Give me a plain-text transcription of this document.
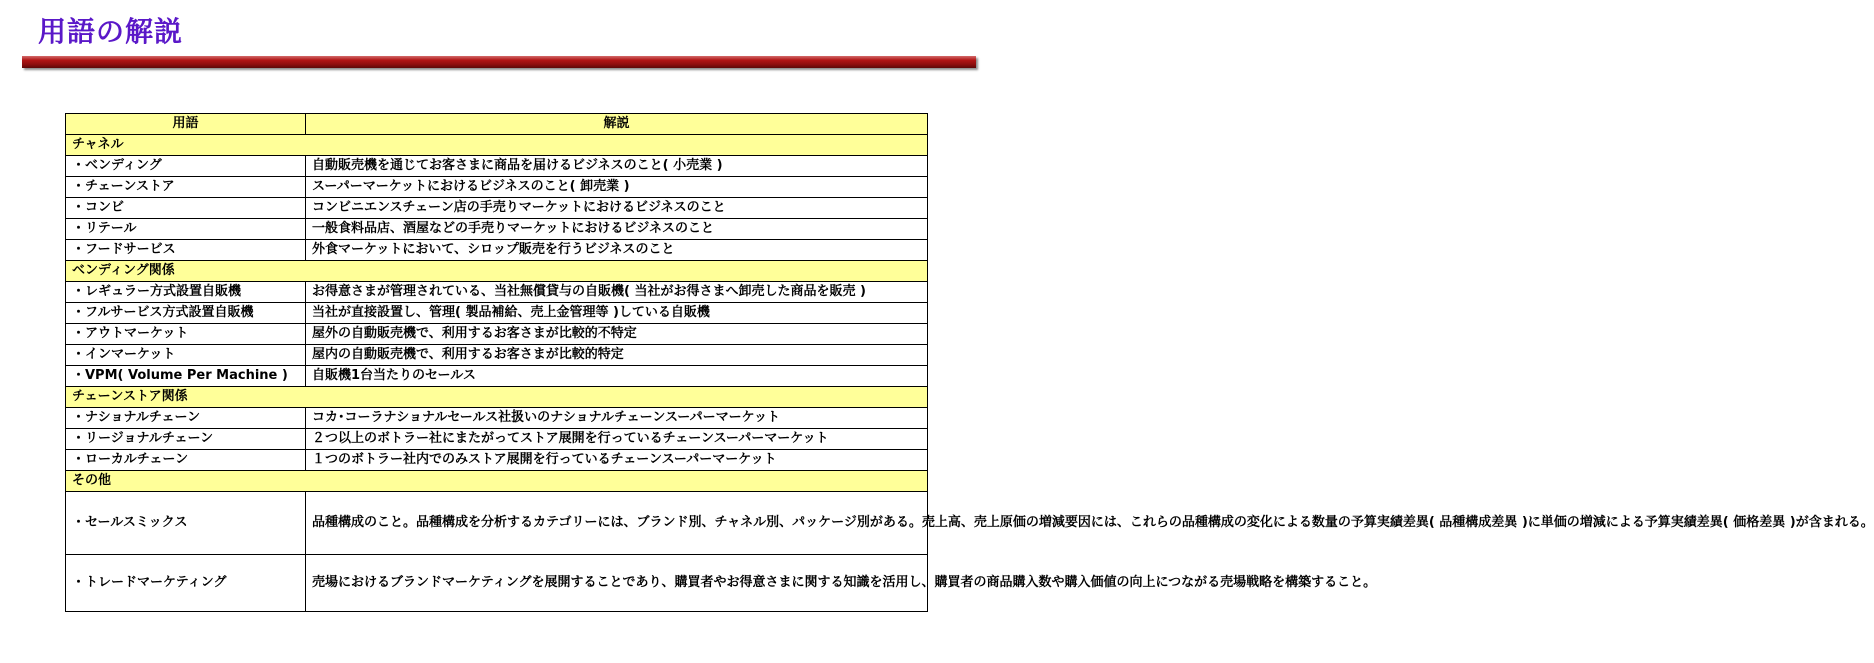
用語の解説
用語	解説
チャネル	
・ベンディング	自動販売機を通じてお客さまに商品を届けるビジネスのこと( 小売業 )
・チェーンストア	スーパーマーケットにおけるビジネスのこと( 卸売業 )
・コンビ	コンビニエンスチェーン店の手売りマーケットにおけるビジネスのこと
・リテール	一般食料品店、酒屋などの手売りマーケットにおけるビジネスのこと
・フードサービス	外食マーケットにおいて、シロップ販売を行うビジネスのこと
ベンディング関係	
・レギュラー方式設置自販機	お得意さまが管理されている、当社無償貸与の自販機( 当社がお得さまへ卸売した商品を販売 )
・フルサービス方式設置自販機	当社が直接設置し、管理( 製品補給、売上金管理等 )している自販機
・アウトマーケット	屋外の自動販売機で、利用するお客さまが比較的不特定
・インマーケット	屋内の自動販売機で、利用するお客さまが比較的特定
・VPM( Volume Per Machine )	自販機1台当たりのセールス
チェーンストア関係	
・ナショナルチェーン	コカ･コーラナショナルセールス社扱いのナショナルチェーンスーパーマーケット
・リージョナルチェーン	２つ以上のボトラー社にまたがってストア展開を行っているチェーンスーパーマーケット
・ローカルチェーン	１つのボトラー社内でのみストア展開を行っているチェーンスーパーマーケット
その他	
・セールスミックス	品種構成のこと。品種構成を分析するカテゴリーには、ブランド別、チャネル別、パッケージ別がある。売上高、売上原価の増減要因には、これらの品種構成の変化による数量の予算実績差異( 品種構成差異 )に単価の増減による予算実績差異( 価格差異 )が含まれる。
・トレードマーケティング	売場におけるブランドマーケティングを展開することであり、購買者やお得意さまに関する知識を活用し、購買者の商品購入数や購入価値の向上につながる売場戦略を構築すること。
